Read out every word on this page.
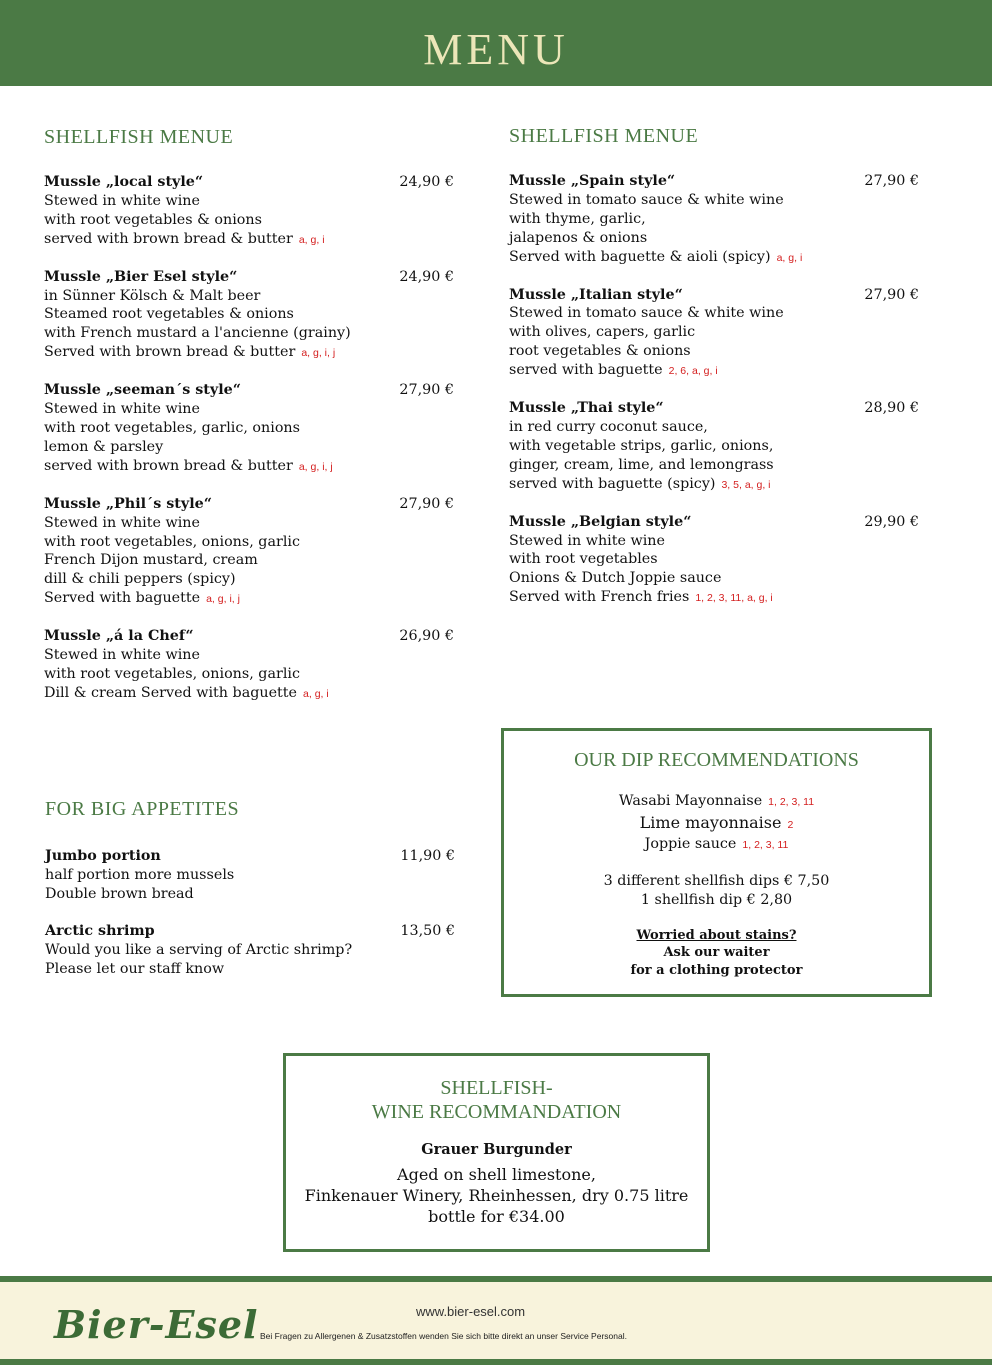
MENU
SHELLFISH MENUE
Mussle „local style“	24,90 €
Stewed in white wine
with root vegetables & onions
served with brown bread & butter a, g, i
Mussle „Bier Esel style“	24,90 €
in Sünner Kölsch & Malt beer
Steamed root vegetables & onions
with French mustard a l'ancienne (grainy)
Served with brown bread & butter a, g, i, j
Mussle „seeman´s style“	27,90 €
Stewed in white wine
with root vegetables, garlic, onions
lemon & parsley
served with brown bread & butter a, g, i, j
Mussle „Phil´s style“	27,90 €
Stewed in white wine
with root vegetables, onions, garlic
French Dijon mustard, cream
dill & chili peppers (spicy)
Served with baguette a, g, i, j
Mussle „á la Chef“	26,90 €
Stewed in white wine
with root vegetables, onions, garlic
Dill & cream Served with baguette a, g, i
SHELLFISH MENUE
Mussle „Spain style“	27,90 €
Stewed in tomato sauce & white wine
with thyme, garlic,
jalapenos & onions
Served with baguette & aioli (spicy) a, g, i
Mussle „Italian style“	27,90 €
Stewed in tomato sauce & white wine
with olives, capers, garlic
root vegetables & onions
served with baguette 2, 6, a, g, i
Mussle „Thai style“	28,90 €
in red curry coconut sauce,
with vegetable strips, garlic, onions,
ginger, cream, lime, and lemongrass
served with baguette (spicy) 3, 5, a, g, i
Mussle „Belgian style“	29,90 €
Stewed in white wine
with root vegetables
Onions & Dutch Joppie sauce
Served with French fries 1, 2, 3, 11, a, g, i
FOR BIG APPETITES
Jumbo portion	11,90 €
half portion more mussels
Double brown bread
Arctic shrimp	13,50 €
Would you like a serving of Arctic shrimp?
Please let our staff know
OUR DIP RECOMMENDATIONS
Wasabi Mayonnaise 1, 2, 3, 11
Lime mayonnaise 2
Joppie sauce 1, 2, 3, 11
3 different shellfish dips € 7,50
1 shellfish dip € 2,80
Worried about stains?
Ask our waiter
for a clothing protector
SHELLFISH-
WINE RECOMMANDATION
Grauer Burgunder
Aged on shell limestone,
Finkenauer Winery, Rheinhessen, dry 0.75 litre
bottle for €34.00
Bier-Esel	www.bier-esel.com
Bei Fragen zu Allergenen & Zusatzstoffen wenden Sie sich bitte direkt an unser Service Personal.
